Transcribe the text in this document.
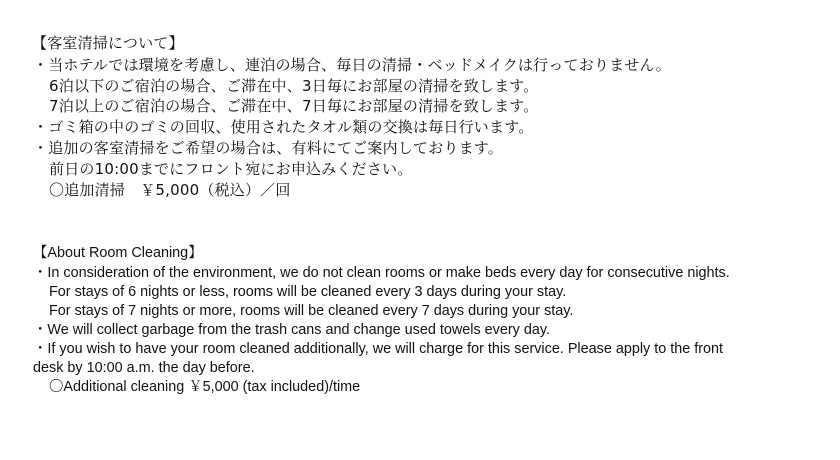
【客室清掃について】
・当ホテルでは環境を考慮し、連泊の場合、毎日の清掃・ベッドメイクは行っておりません。
6泊以下のご宿泊の場合、ご滞在中、3日毎にお部屋の清掃を致します。
7泊以上のご宿泊の場合、ご滞在中、7日毎にお部屋の清掃を致します。
・ゴミ箱の中のゴミの回収、使用されたタオル類の交換は毎日行います。
・追加の客室清掃をご希望の場合は、有料にてご案内しております。
前日の10:00までにフロント宛にお申込みください。
〇追加清掃　￥5,000（税込）／回
【About Room Cleaning】
・In consideration of the environment, we do not clean rooms or make beds every day for consecutive nights.
For stays of 6 nights or less, rooms will be cleaned every 3 days during your stay.
For stays of 7 nights or more, rooms will be cleaned every 7 days during your stay.
・We will collect garbage from the trash cans and change used towels every day.
・If you wish to have your room cleaned additionally, we will charge for this service. Please apply to the front
desk by 10:00 a.m. the day before.
〇Additional cleaning ￥5,000 (tax included)/time
